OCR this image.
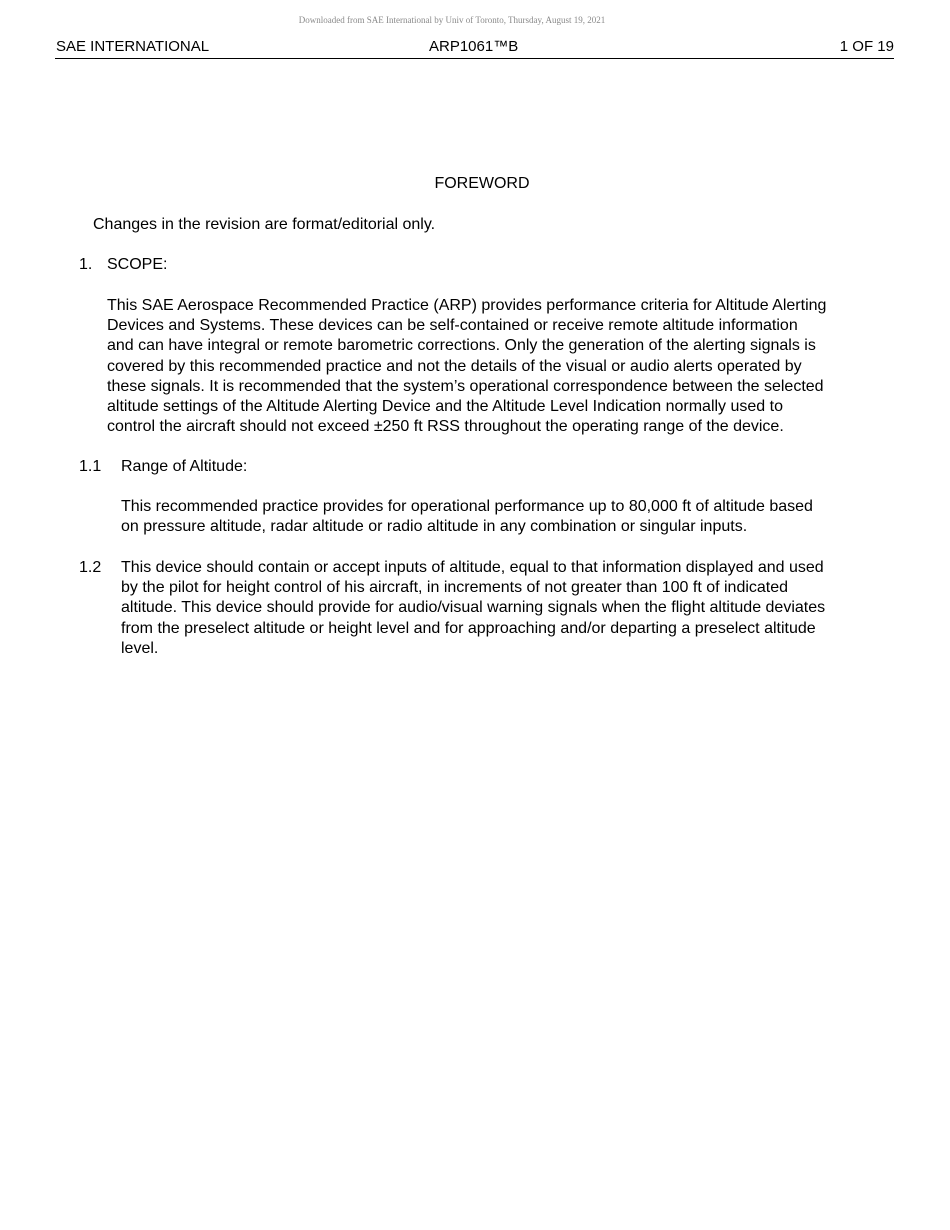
Downloaded from SAE International by Univ of Toronto, Thursday, August 19, 2021
SAE INTERNATIONAL	ARP1061™B	1 OF 19
FOREWORD
Changes in the revision are format/editorial only.
1. SCOPE:
This SAE Aerospace Recommended Practice (ARP) provides performance criteria for Altitude Alerting
Devices and Systems. These devices can be self-contained or receive remote altitude information
and can have integral or remote barometric corrections. Only the generation of the alerting signals is
covered by this recommended practice and not the details of the visual or audio alerts operated by
these signals. It is recommended that the system’s operational correspondence between the selected
altitude settings of the Altitude Alerting Device and the Altitude Level Indication normally used to
control the aircraft should not exceed ±250 ft RSS throughout the operating range of the device.
1.1 Range of Altitude:
This recommended practice provides for operational performance up to 80,000 ft of altitude based
on pressure altitude, radar altitude or radio altitude in any combination or singular inputs.
1.2 This device should contain or accept inputs of altitude, equal to that information displayed and used
by the pilot for height control of his aircraft, in increments of not greater than 100 ft of indicated
altitude. This device should provide for audio/visual warning signals when the flight altitude deviates
from the preselect altitude or height level and for approaching and/or departing a preselect altitude
level.
